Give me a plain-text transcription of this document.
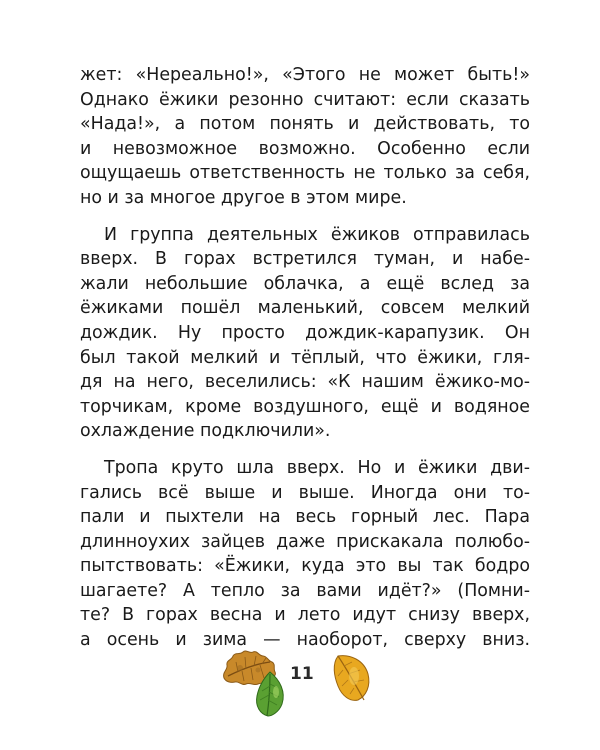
жет: «Нереально!», «Этого не может быть!»
Однако ёжики резонно считают: если сказать
«Нада!», а потом понять и действовать, то
и невозможное возможно. Особенно если
ощущаешь ответственность не только за себя,
но и за многое другое в этом мире.
И группа деятельных ёжиков отправилась
вверх. В горах встретился туман, и набе-
жали небольшие облачка, а ещё вслед за
ёжиками пошёл маленький, совсем мелкий
дождик. Ну просто дождик-карапузик. Он
был такой мелкий и тёплый, что ёжики, гля-
дя на него, веселились: «К нашим ёжико-мо-
торчикам, кроме воздушного, ещё и водяное
охлаждение подключили».
Тропа круто шла вверх. Но и ёжики дви-
гались всё выше и выше. Иногда они то-
пали и пыхтели на весь горный лес. Пара
длинноухих зайцев даже прискакала полюбо-
пытствовать: «Ёжики, куда это вы так бодро
шагаете? А тепло за вами идёт?» (Помни-
те? В горах весна и лето идут снизу вверх,
а осень и зима — наоборот, сверху вниз.
11
